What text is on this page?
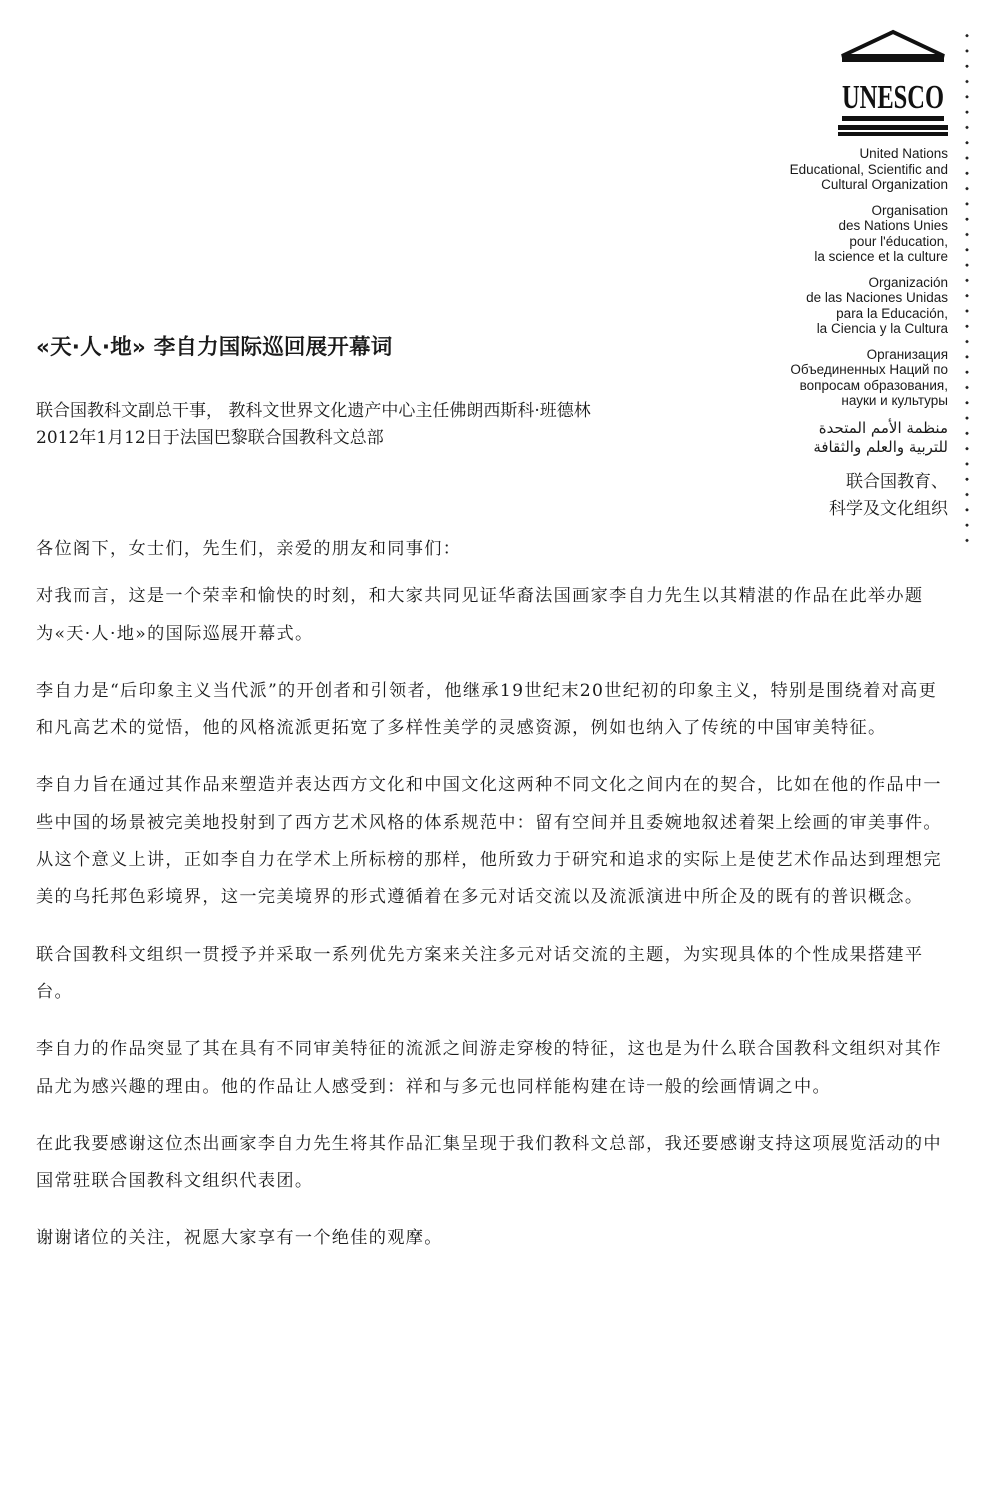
UNESCO
United Nations
Educational, Scientific and
Cultural Organization
Organisation
des Nations Unies
pour l'éducation,
la science et la culture
Organización
de las Naciones Unidas
para la Educación,
la Ciencia y la Cultura
Организация
Объединенных Наций по
вопросам образования,
науки и культуры
منظمة الأمم المتحدة
للتربية والعلم والثقافة
联合国教育、
科学及文化组织
«天·人·地» 李自力国际巡回展开幕词
联合国教科文副总干事， 教科文世界文化遗产中心主任佛朗西斯科·班德林
2012年1月12日于法国巴黎联合国教科文总部

各位阁下，女士们，先生们，亲爱的朋友和同事们：

对我而言，这是一个荣幸和愉快的时刻，和大家共同见证华裔法国画家李自力先生以其精湛的作品在此举办题为«天·人·地»的国际巡展开幕式。

李自力是“后印象主义当代派”的开创者和引领者，他继承19世纪末20世纪初的印象主义，特别是围绕着对高更和凡高艺术的觉悟，他的风格流派更拓宽了多样性美学的灵感资源，例如也纳入了传统的中国审美特征。

李自力旨在通过其作品来塑造并表达西方文化和中国文化这两种不同文化之间内在的契合，比如在他的作品中一些中国的场景被完美地投射到了西方艺术风格的体系规范中：留有空间并且委婉地叙述着架上绘画的审美事件。从这个意义上讲，正如李自力在学术上所标榜的那样，他所致力于研究和追求的实际上是使艺术作品达到理想完美的乌托邦色彩境界，这一完美境界的形式遵循着在多元对话交流以及流派演进中所企及的既有的普识概念。

联合国教科文组织一贯授予并采取一系列优先方案来关注多元对话交流的主题，为实现具体的个性成果搭建平台。

李自力的作品突显了其在具有不同审美特征的流派之间游走穿梭的特征，这也是为什么联合国教科文组织对其作品尤为感兴趣的理由。他的作品让人感受到：祥和与多元也同样能构建在诗一般的绘画情调之中。

在此我要感谢这位杰出画家李自力先生将其作品汇集呈现于我们教科文总部，我还要感谢支持这项展览活动的中国常驻联合国教科文组织代表团。

谢谢诸位的关注，祝愿大家享有一个绝佳的观摩。
